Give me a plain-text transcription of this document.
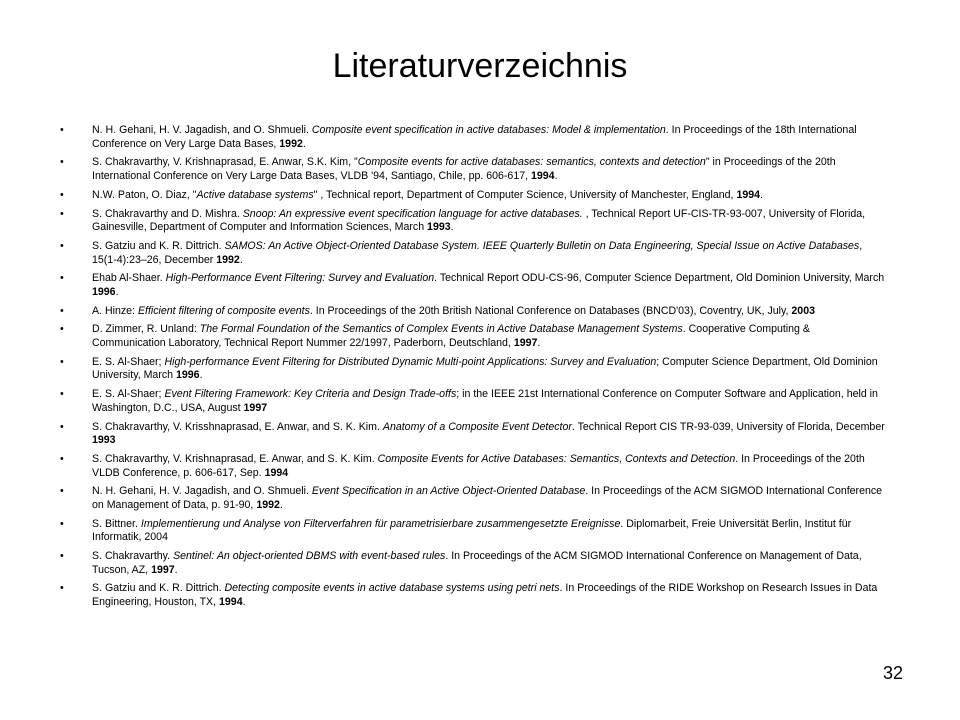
Literaturverzeichnis
• N. H. Gehani, H. V. Jagadish, and O. Shmueli. Composite event specification in active databases: Model & implementation. In Proceedings of the 18th International Conference on Very Large Data Bases, 1992.
• S. Chakravarthy, V. Krishnaprasad, E. Anwar, S.K. Kim, "Composite events for active databases: semantics, contexts and detection" in Proceedings of the 20th International Conference on Very Large Data Bases, VLDB '94, Santiago, Chile, pp. 606-617, 1994.
• N.W. Paton, O. Diaz, "Active database systems" , Technical report, Department of Computer Science, University of Manchester, England, 1994.
• S. Chakravarthy and D. Mishra. Snoop: An expressive event specification language for active databases. , Technical Report UF-CIS-TR-93-007, University of Florida, Gainesville, Department of Computer and Information Sciences, March 1993.
• S. Gatziu and K. R. Dittrich. SAMOS: An Active Object-Oriented Database System. IEEE Quarterly Bulletin on Data Engineering, Special Issue on Active Databases, 15(1-4):23–26, December 1992.
• Ehab Al-Shaer. High-Performance Event Filtering: Survey and Evaluation. Technical Report ODU-CS-96, Computer Science Department, Old Dominion University, March 1996.
• A. Hinze: Efficient filtering of composite events. In Proceedings of the 20th British National Conference on Databases (BNCD'03), Coventry, UK, July, 2003
• D. Zimmer, R. Unland: The Formal Foundation of the Semantics of Complex Events in Active Database Management Systems. Cooperative Computing & Communication Laboratory, Technical Report Nummer 22/1997, Paderborn, Deutschland, 1997.
• E. S. Al-Shaer; High-performance Event Filtering for Distributed Dynamic Multi-point Applications: Survey and Evaluation; Computer Science Department, Old Dominion University, March 1996.
• E. S. Al-Shaer; Event Filtering Framework: Key Criteria and Design Trade-offs; in the IEEE 21st International Conference on Computer Software and Application, held in Washington, D.C., USA, August 1997
• S. Chakravarthy, V. Krisshnaprasad, E. Anwar, and S. K. Kim. Anatomy of a Composite Event Detector. Technical Report CIS TR-93-039, University of Florida, December 1993
• S. Chakravarthy, V. Krishnaprasad, E. Anwar, and S. K. Kim. Composite Events for Active Databases: Semantics, Contexts and Detection. In Proceedings of the 20th VLDB Conference, p. 606-617, Sep. 1994
• N. H. Gehani, H. V. Jagadish, and O. Shmueli. Event Specification in an Active Object-Oriented Database. In Proceedings of the ACM SIGMOD International Conference on Management of Data, p. 91-90, 1992.
• S. Bittner. Implementierung und Analyse von Filterverfahren für parametrisierbare zusammengesetzte Ereignisse. Diplomarbeit, Freie Universität Berlin, Institut für Informatik, 2004
• S. Chakravarthy. Sentinel: An object-oriented DBMS with event-based rules. In Proceedings of the ACM SIGMOD International Conference on Management of Data, Tucson, AZ, 1997.
• S. Gatziu and K. R. Dittrich. Detecting composite events in active database systems using petri nets. In Proceedings of the RIDE Workshop on Research Issues in Data Engineering, Houston, TX, 1994.
32
